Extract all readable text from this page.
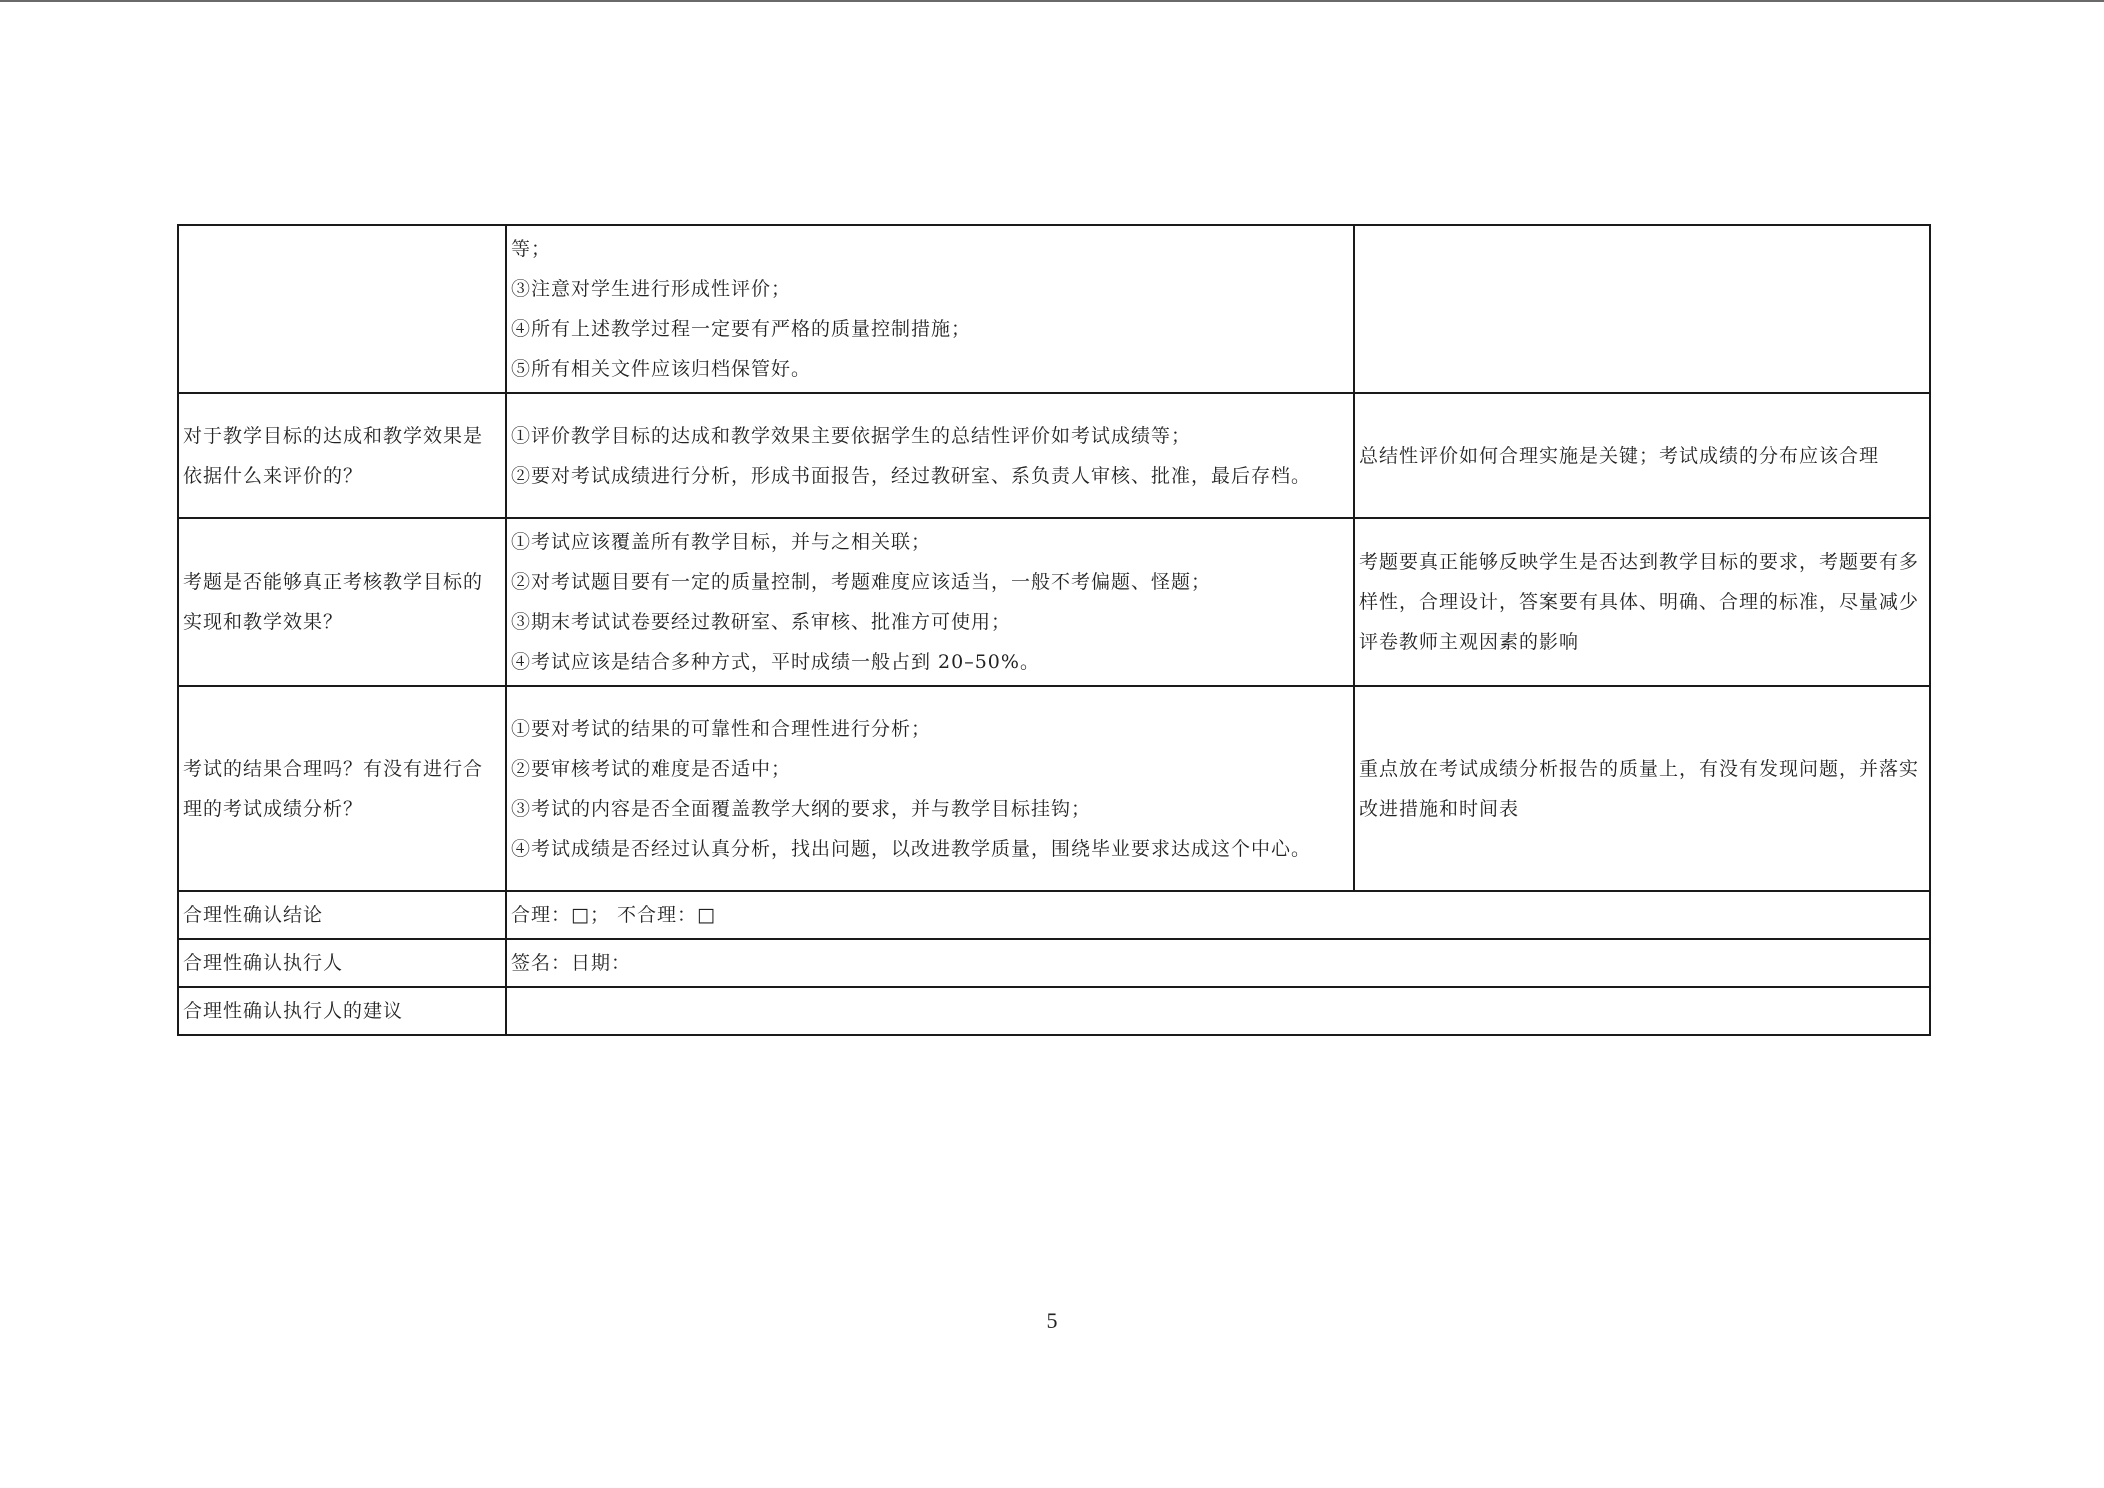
	等；
③注意对学生进行形成性评价；
④所有上述教学过程一定要有严格的质量控制措施；
⑤所有相关文件应该归档保管好。	

对于教学目标的达成和教学效果是依据什么来评价的？	①评价教学目标的达成和教学效果主要依据学生的总结性评价如考试成绩等；
②要对考试成绩进行分析，形成书面报告，经过教研室、系负责人审核、批准，最后存档。	总结性评价如何合理实施是关键；考试成绩的分布应该合理
考题是否能够真正考核教学目标的实现和教学效果？	①考试应该覆盖所有教学目标，并与之相关联；
②对考试题目要有一定的质量控制，考题难度应该适当，一般不考偏题、怪题；
③期末考试试卷要经过教研室、系审核、批准方可使用；
④考试应该是结合多种方式，平时成绩一般占到 20–50%。	考题要真正能够反映学生是否达到教学目标的要求，考题要有多样性，合理设计，答案要有具体、明确、合理的标准，尽量减少评卷教师主观因素的影响
考试的结果合理吗？有没有进行合理的考试成绩分析？	①要对考试的结果的可靠性和合理性进行分析；
②要审核考试的难度是否适中；
③考试的内容是否全面覆盖教学大纲的要求，并与教学目标挂钩；
④考试成绩是否经过认真分析，找出问题，以改进教学质量，围绕毕业要求达成这个中心。	重点放在考试成绩分析报告的质量上，有没有发现问题，并落实改进措施和时间表
合理性确认结论	合理：□； 不合理：□	
合理性确认执行人	签名：日期：	
合理性确认执行人的建议		
5
